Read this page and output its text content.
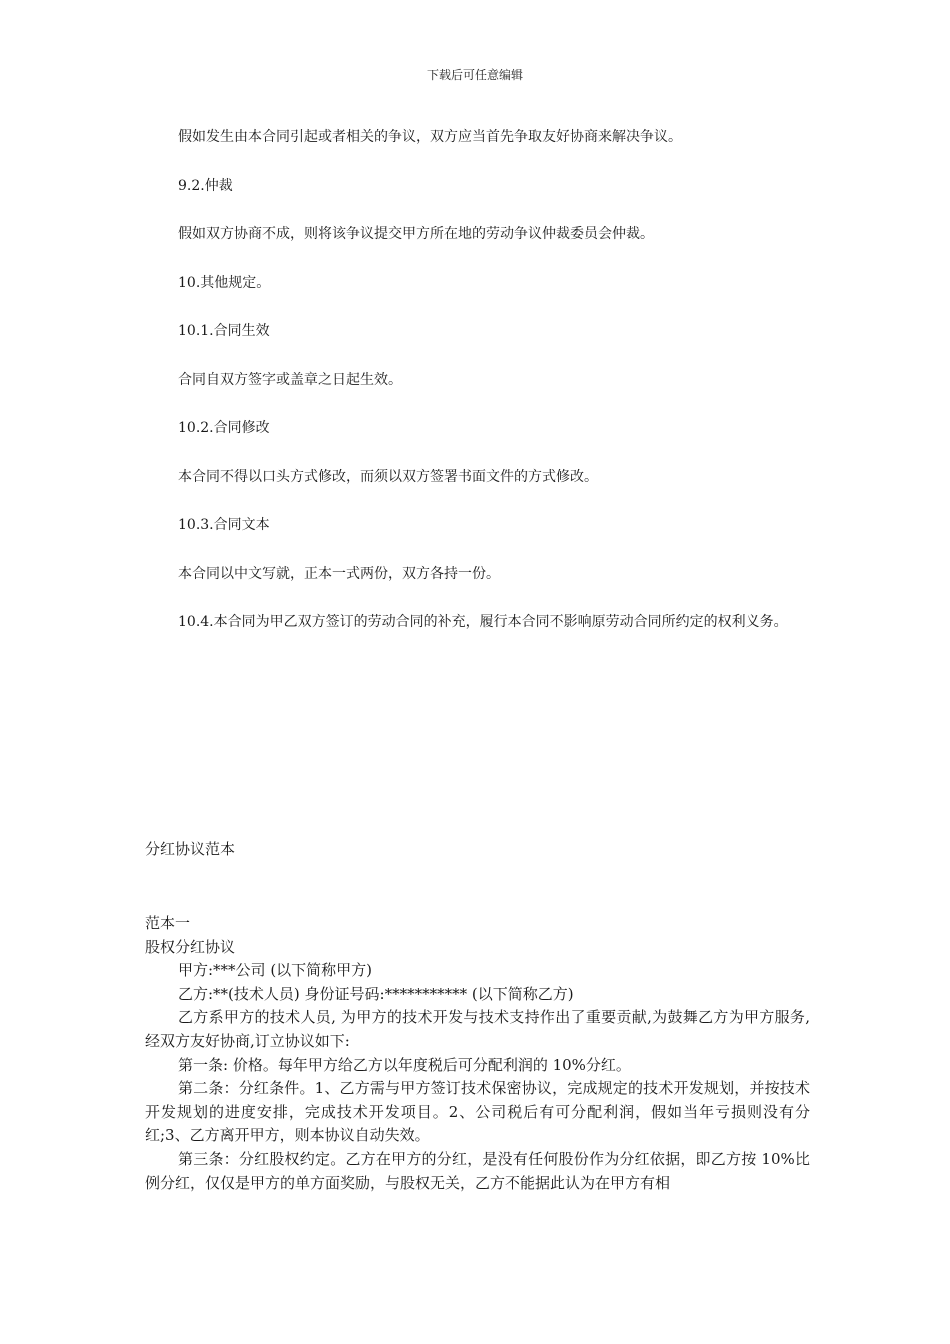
下载后可任意编辑

假如发生由本合同引起或者相关的争议，双方应当首先争取友好协商来解决争议。

9.2.仲裁

假如双方协商不成，则将该争议提交甲方所在地的劳动争议仲裁委员会仲裁。

10.其他规定。

10.1.合同生效

合同自双方签字或盖章之日起生效。

10.2.合同修改

本合同不得以口头方式修改，而须以双方签署书面文件的方式修改。

10.3.合同文本

本合同以中文写就，正本一式两份，双方各持一份。

10.4.本合同为甲乙双方签订的劳动合同的补充，履行本合同不影响原劳动合同所约定的权利义务。

分红协议范本

范本一

股权分红协议

甲方:***公司 (以下简称甲方)

乙方:**(技术人员) 身份证号码:*********** (以下简称乙方)

乙方系甲方的技术人员, 为甲方的技术开发与技术支持作出了重要贡献,为鼓舞乙方为甲方服务,经双方友好协商,订立协议如下:

第一条: 价格。每年甲方给乙方以年度税后可分配利润的 10%分红。

第二条：分红条件。1、乙方需与甲方签订技术保密协议，完成规定的技术开发规划，并按技术开发规划的进度安排，完成技术开发项目。2、公司税后有可分配利润，假如当年亏损则没有分红;3、乙方离开甲方，则本协议自动失效。

第三条：分红股权约定。乙方在甲方的分红，是没有任何股份作为分红依据，即乙方按 10%比例分红，仅仅是甲方的单方面奖励，与股权无关，乙方不能据此认为在甲方有相
